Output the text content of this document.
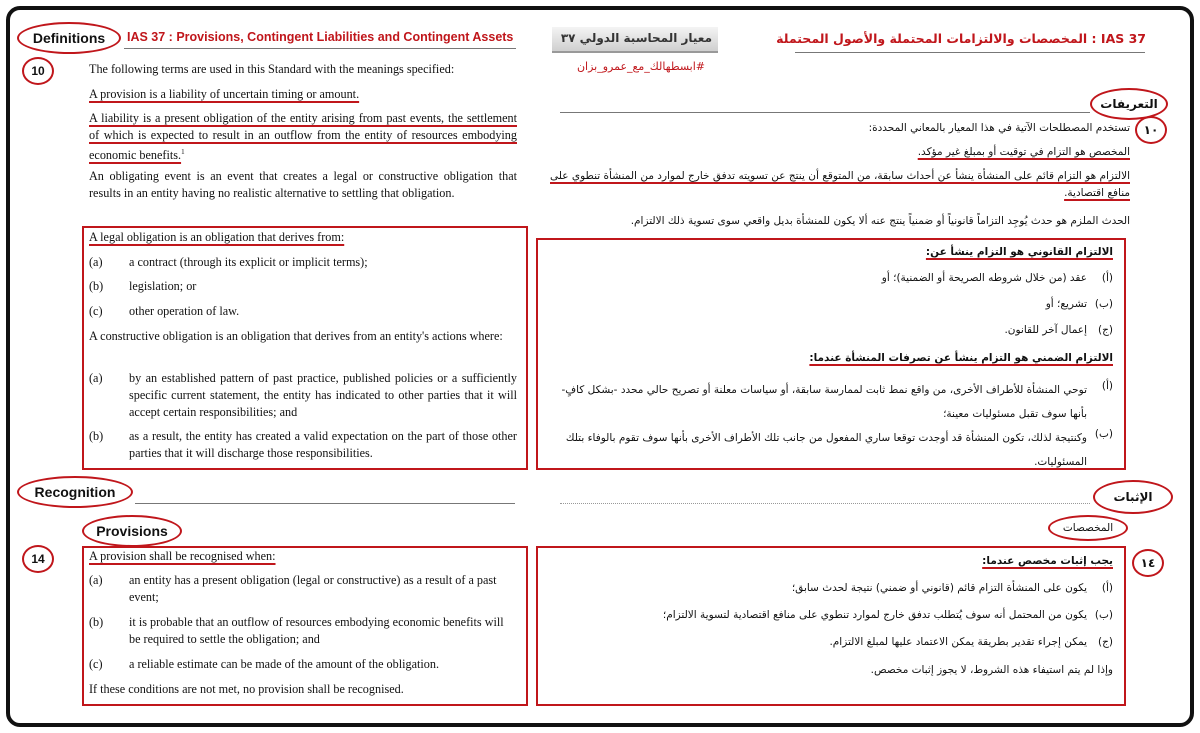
Definitions IAS 37 : Provisions, Contingent Liabilities and Contingent Assets
10	The following terms are used in this Standard with the meanings specified:
A provision is a liability of uncertain timing or amount.
A liability is a present obligation of the entity arising from past events, the settlement of which is expected to result in an outflow from the entity of resources embodying economic benefits.$^1$
An obligating event is an event that creates a legal or constructive obligation that results in an entity having no realistic alternative to settling that obligation.
A legal obligation is an obligation that derives from:
(a) a contract (through its explicit or implicit terms);
(b) legislation; or
(c) other operation of law.
A constructive obligation is an obligation that derives from an entity's actions where:
(a)	by an established pattern of past practice, published policies or a sufficiently specific current statement, the entity has indicated to other parties that it will accept certain responsibilities; and
(b)	as a result, the entity has created a valid expectation on the part of those other parties that it will discharge those responsibilities.
Recognition
Provisions
14	A provision shall be recognised when:
(a)	an entity has a present obligation (legal or constructive) as a result of a past event;
(b)	it is probable that an outflow of resources embodying economic benefits will be required to settle the obligation; and
(c)	a reliable estimate can be made of the amount of the obligation.
If these conditions are not met, no provision shall be recognised.
معيار المحاسبة الدولي ٣٧	IAS 37 : المخصصات والالتزامات المحتملة والأصول المحتملة
#ابسطهالك_مع_عمرو_بزان
التعريفات
١٠
تستخدم المصطلحات الآتية في هذا المعيار بالمعاني المحددة:
المخصص هو التزام في توقيت أو بمبلغ غير مؤكد.
الالتزام هو التزام قائم على المنشأة ينشأ عن أحداث سابقة، من المتوقع أن ينتج عن تسويته تدفق خارج لموارد من المنشأة تنطوي على منافع اقتصادية.
الحدث الملزم هو حدث يُوجِد التزاماً قانونياً أو ضمنياً ينتج عنه ألا يكون للمنشأة بديل واقعي سوى تسوية ذلك الالتزام.
الالتزام القانوني هو التزام ينشأ عن:
(أ)عقد (من خلال شروطه الصريحة أو الضمنية)؛ أو
(ب)تشريع؛ أو
(ج)إعمال آخر للقانون.
الالتزام الضمني هو التزام ينشأ عن تصرفات المنشأة عندما:
(أ)
توحي المنشأة للأطراف الأخرى، من واقع نمط ثابت لممارسة سابقة، أو سياسات معلنة أو تصريح حالي محدد -بشكل كافٍ- بأنها سوف تقبل مسئوليات معينة؛
(ب)
وكنتيجة لذلك، تكون المنشأة قد أوجدت توقعا ساري المفعول من جانب تلك الأطراف الأخرى بأنها سوف تقوم بالوفاء بتلك المسئوليات.
الإثبات
المخصصات
١٤
يجب إثبات مخصص عندما:
(أ)يكون على المنشأة التزام قائم (قانوني أو ضمني) نتيجة لحدث سابق؛
(ب)يكون من المحتمل أنه سوف يُتطلب تدفق خارج لموارد تنطوي على منافع اقتصادية لتسوية الالتزام؛
(ج)يمكن إجراء تقدير بطريقة يمكن الاعتماد عليها لمبلغ الالتزام.
وإذا لم يتم استيفاء هذه الشروط، لا يجوز إثبات مخصص.
